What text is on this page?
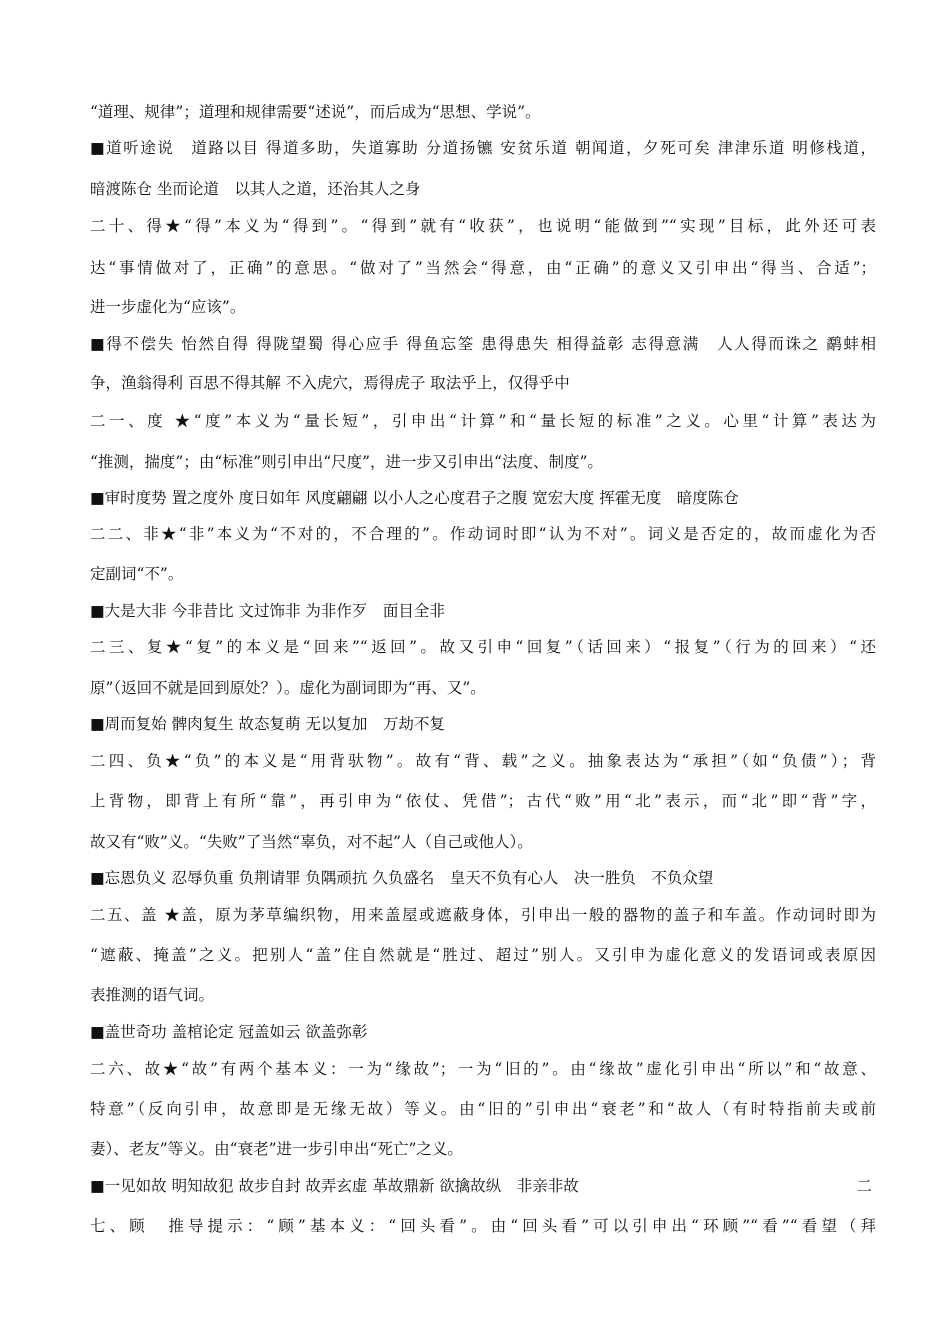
“道理、规律”；道理和规律需要“述说”，而后成为“思想、学说”。
■道听途说　道路以目 得道多助，失道寡助 分道扬镳 安贫乐道 朝闻道，夕死可矣 津津乐道 明修栈道，
暗渡陈仓 坐而论道　以其人之道，还治其人之身
二十、得★“得”本义为“得到”。“得到”就有“收获”，也说明“能做到”“实现”目标，此外还可表
达“事情做对了，正确”的意思。“做对了”当然会“得意，由“正确”的意义又引申出“得当、合适”；
进一步虚化为“应该”。
■得不偿失 怡然自得 得陇望蜀 得心应手 得鱼忘筌 患得患失 相得益彰 志得意满　人人得而诛之 鹬蚌相
争，渔翁得利 百思不得其解 不入虎穴，焉得虎子 取法乎上，仅得乎中
二一、度 ★“度”本义为“量长短”，引申出“计算”和“量长短的标准”之义。心里“计算”表达为
“推测，揣度”；由“标准”则引申出“尺度”，进一步又引申出“法度、制度”。
■审时度势 置之度外 度日如年 风度翩翩 以小人之心度君子之腹 宽宏大度 挥霍无度　暗度陈仓
二二、非★“非”本义为“不对的，不合理的”。作动词时即“认为不对”。词义是否定的，故而虚化为否
定副词“不”。
■大是大非 今非昔比 文过饰非 为非作歹　面目全非
二三、复★“复”的本义是“回来”“返回”。故又引申“回复”（话回来）“报复”（行为的回来）“还
原”（返回不就是回到原处？）。虚化为副词即为“再、又”。
■周而复始 髀肉复生 故态复萌 无以复加　万劫不复
二四、负★“负”的本义是“用背驮物”。故有“背、载”之义。抽象表达为“承担”（如“负债”）；背
上背物，即背上有所“靠”，再引申为“依仗、凭借”；古代“败”用“北”表示，而“北”即“背”字，
故又有“败”义。“失败”了当然“辜负，对不起”人（自己或他人）。
■忘恩负义 忍辱负重 负荆请罪 负隅顽抗 久负盛名　皇天不负有心人　决一胜负　不负众望
二五、盖 ★盖，原为茅草编织物，用来盖屋或遮蔽身体，引申出一般的器物的盖子和车盖。作动词时即为
“遮蔽、掩盖”之义。把别人“盖”住自然就是“胜过、超过”别人。又引申为虚化意义的发语词或表原因
表推测的语气词。
■盖世奇功 盖棺论定 冠盖如云 欲盖弥彰
二六、故★“故”有两个基本义：一为“缘故”；一为“旧的”。由“缘故”虚化引申出“所以”和“故意、
特意”（反向引申，故意即是无缘无故）等义。由“旧的”引申出“衰老”和“故人（有时特指前夫或前
妻）、老友”等义。由“衰老”进一步引申出“死亡”之义。
■一见如故 明知故犯 故步自封 故弄玄虚 革故鼎新 欲擒故纵　非亲非故	二
七、顾　推导提示：“顾”基本义：“回头看”。由“回头看”可以引申出“环顾”“看”“看望（拜
